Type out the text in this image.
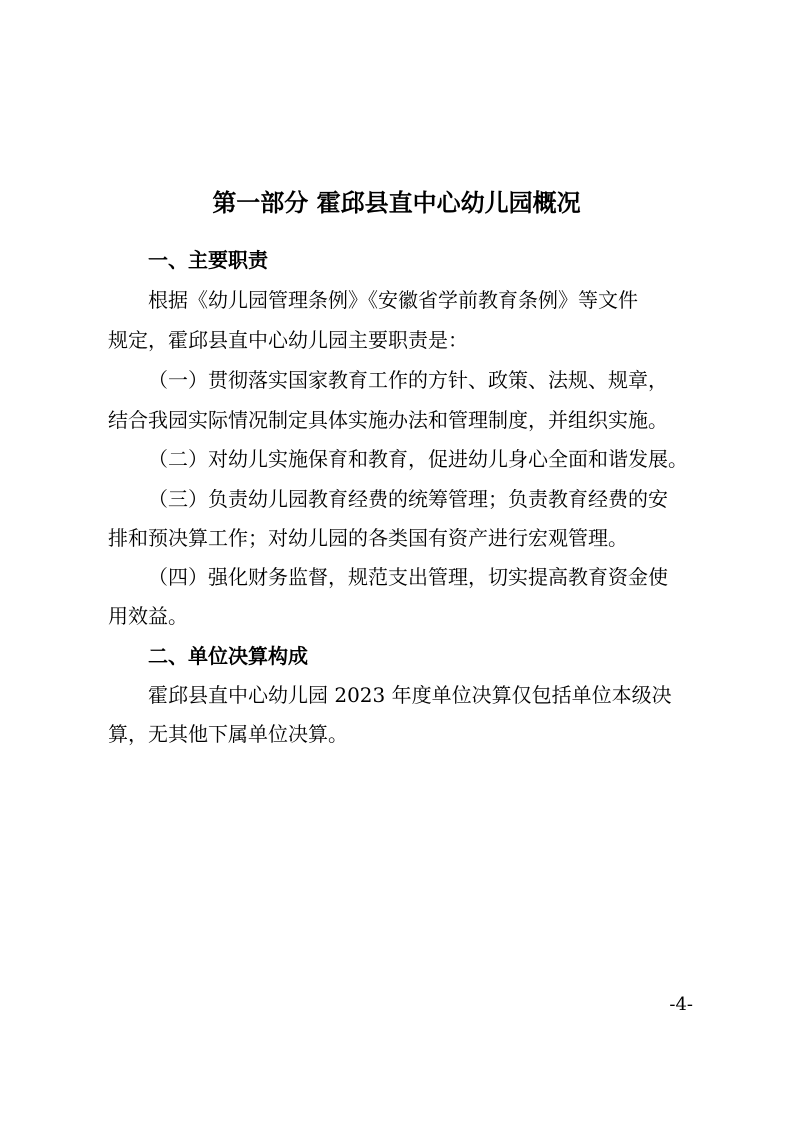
第一部分 霍邱县直中心幼儿园概况
一、主要职责
根据《幼儿园管理条例》《安徽省学前教育条例》等文件
规定，霍邱县直中心幼儿园主要职责是：
（一）贯彻落实国家教育工作的方针、政策、法规、规章，
结合我园实际情况制定具体实施办法和管理制度，并组织实施。
（二）对幼儿实施保育和教育，促进幼儿身心全面和谐发展。
（三）负责幼儿园教育经费的统筹管理；负责教育经费的安
排和预决算工作；对幼儿园的各类国有资产进行宏观管理。
（四）强化财务监督，规范支出管理，切实提高教育资金使
用效益。
二、单位决算构成
霍邱县直中心幼儿园 2023 年度单位决算仅包括单位本级决
算，无其他下属单位决算。
-4-
